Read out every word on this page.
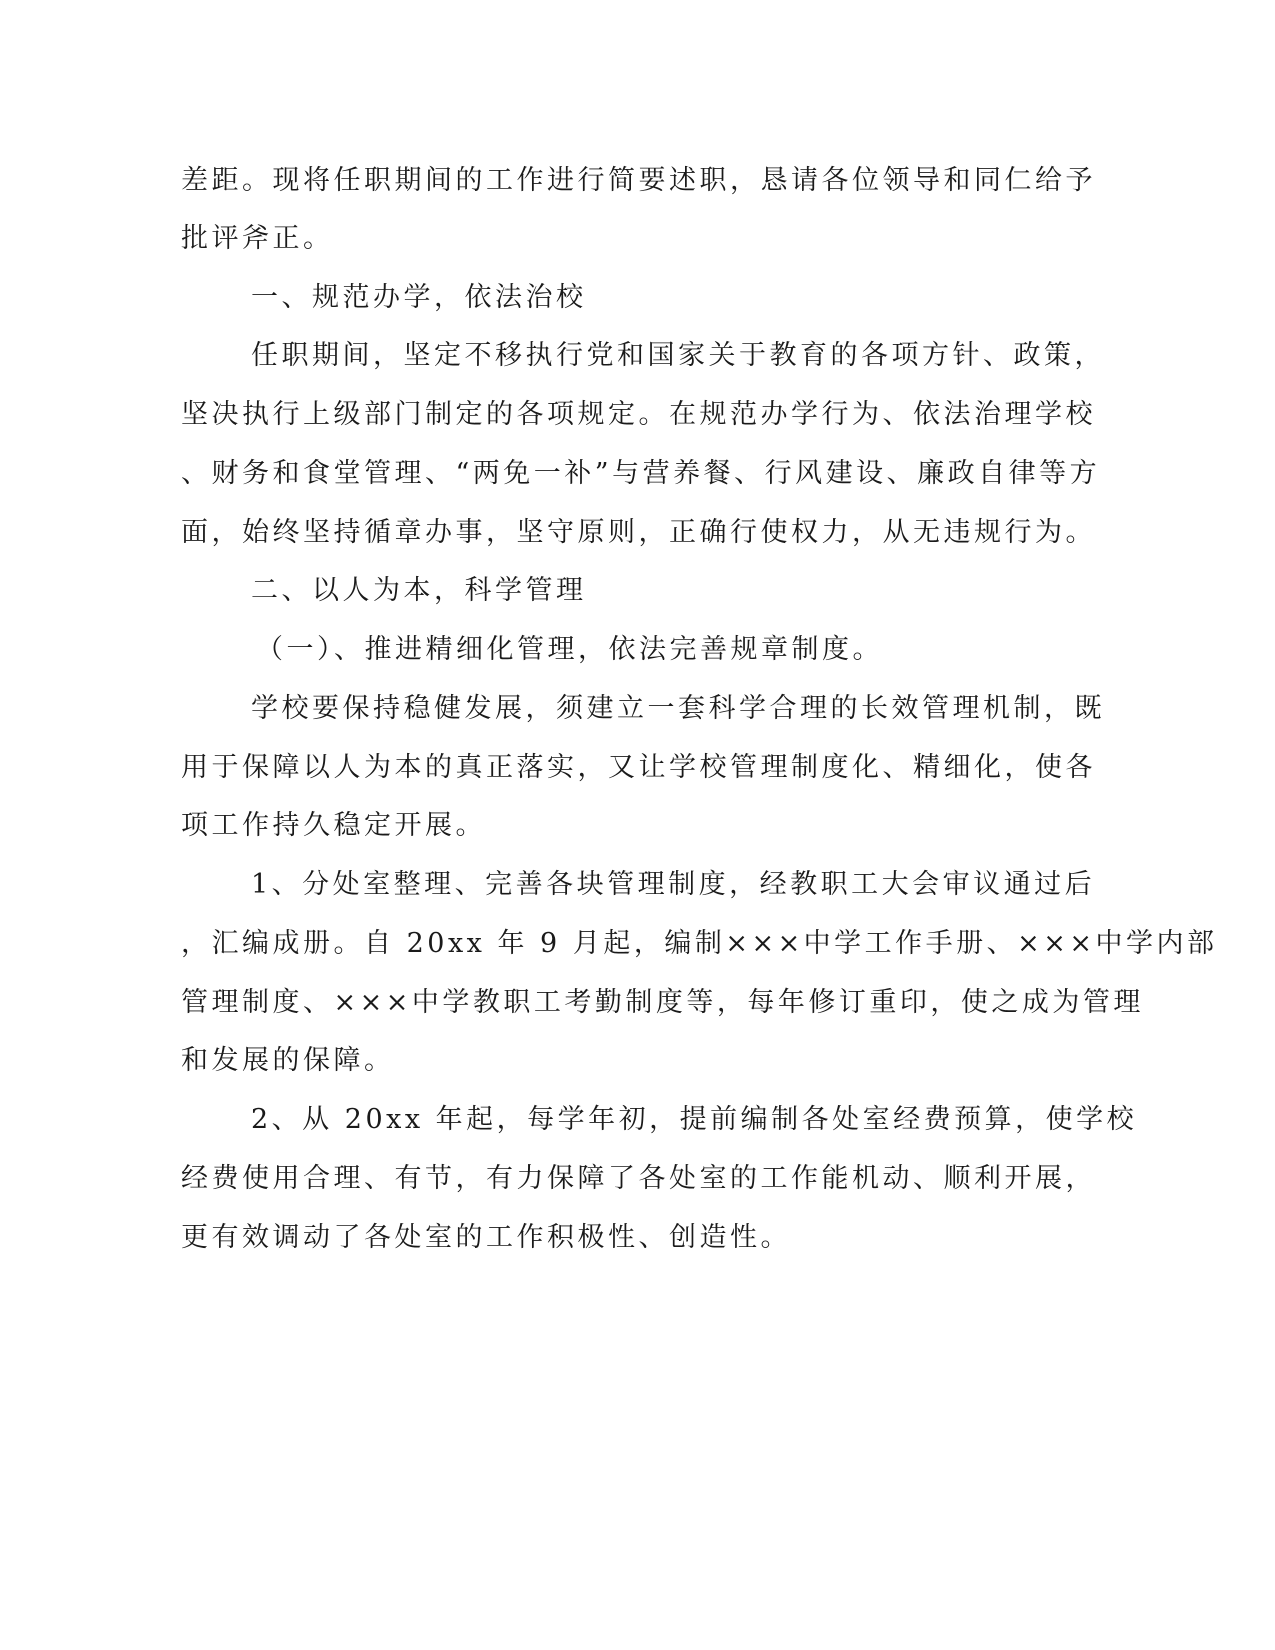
差距。现将任职期间的工作进行简要述职，恳请各位领导和同仁给予

批评斧正。

一、规范办学，依法治校

任职期间，坚定不移执行党和国家关于教育的各项方针、政策，

坚决执行上级部门制定的各项规定。在规范办学行为、依法治理学校

、财务和食堂管理、“两免一补”与营养餐、行风建设、廉政自律等方

面，始终坚持循章办事，坚守原则，正确行使权力，从无违规行为。

二、以人为本，科学管理

（一）、推进精细化管理，依法完善规章制度。

学校要保持稳健发展，须建立一套科学合理的长效管理机制，既

用于保障以人为本的真正落实，又让学校管理制度化、精细化，使各

项工作持久稳定开展。

1、分处室整理、完善各块管理制度，经教职工大会审议通过后

，汇编成册。自 20xx 年 9 月起，编制×××中学工作手册、×××中学内部

管理制度、×××中学教职工考勤制度等，每年修订重印，使之成为管理

和发展的保障。

2、从 20xx 年起，每学年初，提前编制各处室经费预算，使学校

经费使用合理、有节，有力保障了各处室的工作能机动、顺利开展，

更有效调动了各处室的工作积极性、创造性。
